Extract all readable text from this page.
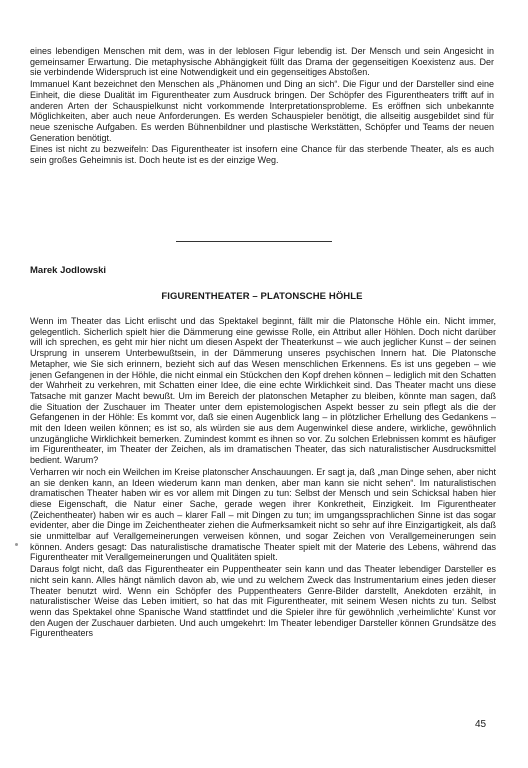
eines lebendigen Menschen mit dem, was in der leblosen Figur lebendig ist. Der Mensch und sein Angesicht in gemeinsamer Erwartung. Die metaphysische Abhängigkeit füllt das Drama der gegenseitigen Koexistenz aus. Der sie verbindende Widerspruch ist eine Notwendigkeit und ein gegenseitiges Abstoßen.

Immanuel Kant bezeichnet den Menschen als „Phänomen und Ding an sich“. Die Figur und der Darsteller sind eine Einheit, die diese Dualität im Figurentheater zum Ausdruck bringen. Der Schöpfer des Figurentheaters trifft auf in anderen Arten der Schauspielkunst nicht vorkommende Interpretationsprobleme. Es eröffnen sich unbekannte Möglichkeiten, aber auch neue Anforderungen. Es werden Schauspieler benötigt, die allseitig ausgebildet sind für neue szenische Aufgaben. Es werden Bühnenbildner und plastische Werkstätten, Schöpfer und Teams der neuen Generation benötigt.

Eines ist nicht zu bezweifeln: Das Figurentheater ist insofern eine Chance für das sterbende Theater, als es auch sein großes Geheimnis ist. Doch heute ist es der einzige Weg.

Marek Jodlowski

FIGURENTHEATER – PLATONSCHE HÖHLE

Wenn im Theater das Licht erlischt und das Spektakel beginnt, fällt mir die Platonsche Höhle ein. Nicht immer, gelegentlich. Sicherlich spielt hier die Dämmerung eine gewisse Rolle, ein Attribut aller Höhlen. Doch nicht darüber will ich sprechen, es geht mir hier nicht um diesen Aspekt der Theaterkunst – wie auch jeglicher Kunst – der seinen Ursprung in unserem Unterbewußtsein, in der Dämmerung unseres psychischen Innern hat. Die Platonsche Metapher, wie Sie sich erinnern, bezieht sich auf das Wesen menschlichen Erkennens. Es ist uns gegeben – wie jenen Gefangenen in der Höhle, die nicht einmal ein Stückchen den Kopf drehen können – lediglich mit den Schatten der Wahrheit zu verkehren, mit Schatten einer Idee, die eine echte Wirklichkeit sind. Das Theater macht uns diese Tatsache mit ganzer Macht bewußt. Um im Bereich der platonschen Metapher zu bleiben, könnte man sagen, daß die Situation der Zuschauer im Theater unter dem epistemologischen Aspekt besser zu sein pflegt als die der Gefangenen in der Höhle: Es kommt vor, daß sie einen Augenblick lang – in plötzlicher Erhellung des Gedankens – mit den Ideen weilen können; es ist so, als würden sie aus dem Augenwinkel diese andere, wirkliche, gewöhnlich unzugängliche Wirklichkeit bemerken. Zumindest kommt es ihnen so vor. Zu solchen Erlebnissen kommt es häufiger im Figurentheater, im Theater der Zeichen, als im dramatischen Theater, das sich naturalistischer Ausdrucksmittel bedient. Warum?

Verharren wir noch ein Weilchen im Kreise platonscher Anschauungen. Er sagt ja, daß „man Dinge sehen, aber nicht an sie denken kann, an Ideen wiederum kann man denken, aber man kann sie nicht sehen“. Im naturalistischen dramatischen Theater haben wir es vor allem mit Dingen zu tun: Selbst der Mensch und sein Schicksal haben hier diese Eigenschaft, die Natur einer Sache, gerade wegen ihrer Konkretheit, Einzigkeit. Im Figurentheater (Zeichentheater) haben wir es auch – klarer Fall – mit Dingen zu tun; im umgangssprachlichen Sinne ist das sogar evidenter, aber die Dinge im Zeichentheater ziehen die Aufmerksamkeit nicht so sehr auf ihre Einzigartigkeit, als daß sie unmittelbar auf Verallgemeinerungen verweisen können, und sogar Zeichen von Verallgemeinerungen sein können. Anders gesagt: Das naturalistische dramatische Theater spielt mit der Materie des Lebens, während das Figurentheater mit Verallgemeinerungen und Qualitäten spielt.

Daraus folgt nicht, daß das Figurentheater ein Puppentheater sein kann und das Theater lebendiger Darsteller es nicht sein kann. Alles hängt nämlich davon ab, wie und zu welchem Zweck das Instrumentarium eines jeden dieser Theater benutzt wird. Wenn ein Schöpfer des Puppentheaters Genre-Bilder darstellt, Anekdoten erzählt, in naturalistischer Weise das Leben imitiert, so hat das mit Figurentheater, mit seinem Wesen nichts zu tun. Selbst wenn das Spektakel ohne Spanische Wand stattfindet und die Spieler ihre für gewöhnlich ‚verheimlichte‘ Kunst vor den Augen der Zuschauer darbieten. Und auch umgekehrt: Im Theater lebendiger Darsteller können Grundsätze des Figurentheaters

45
